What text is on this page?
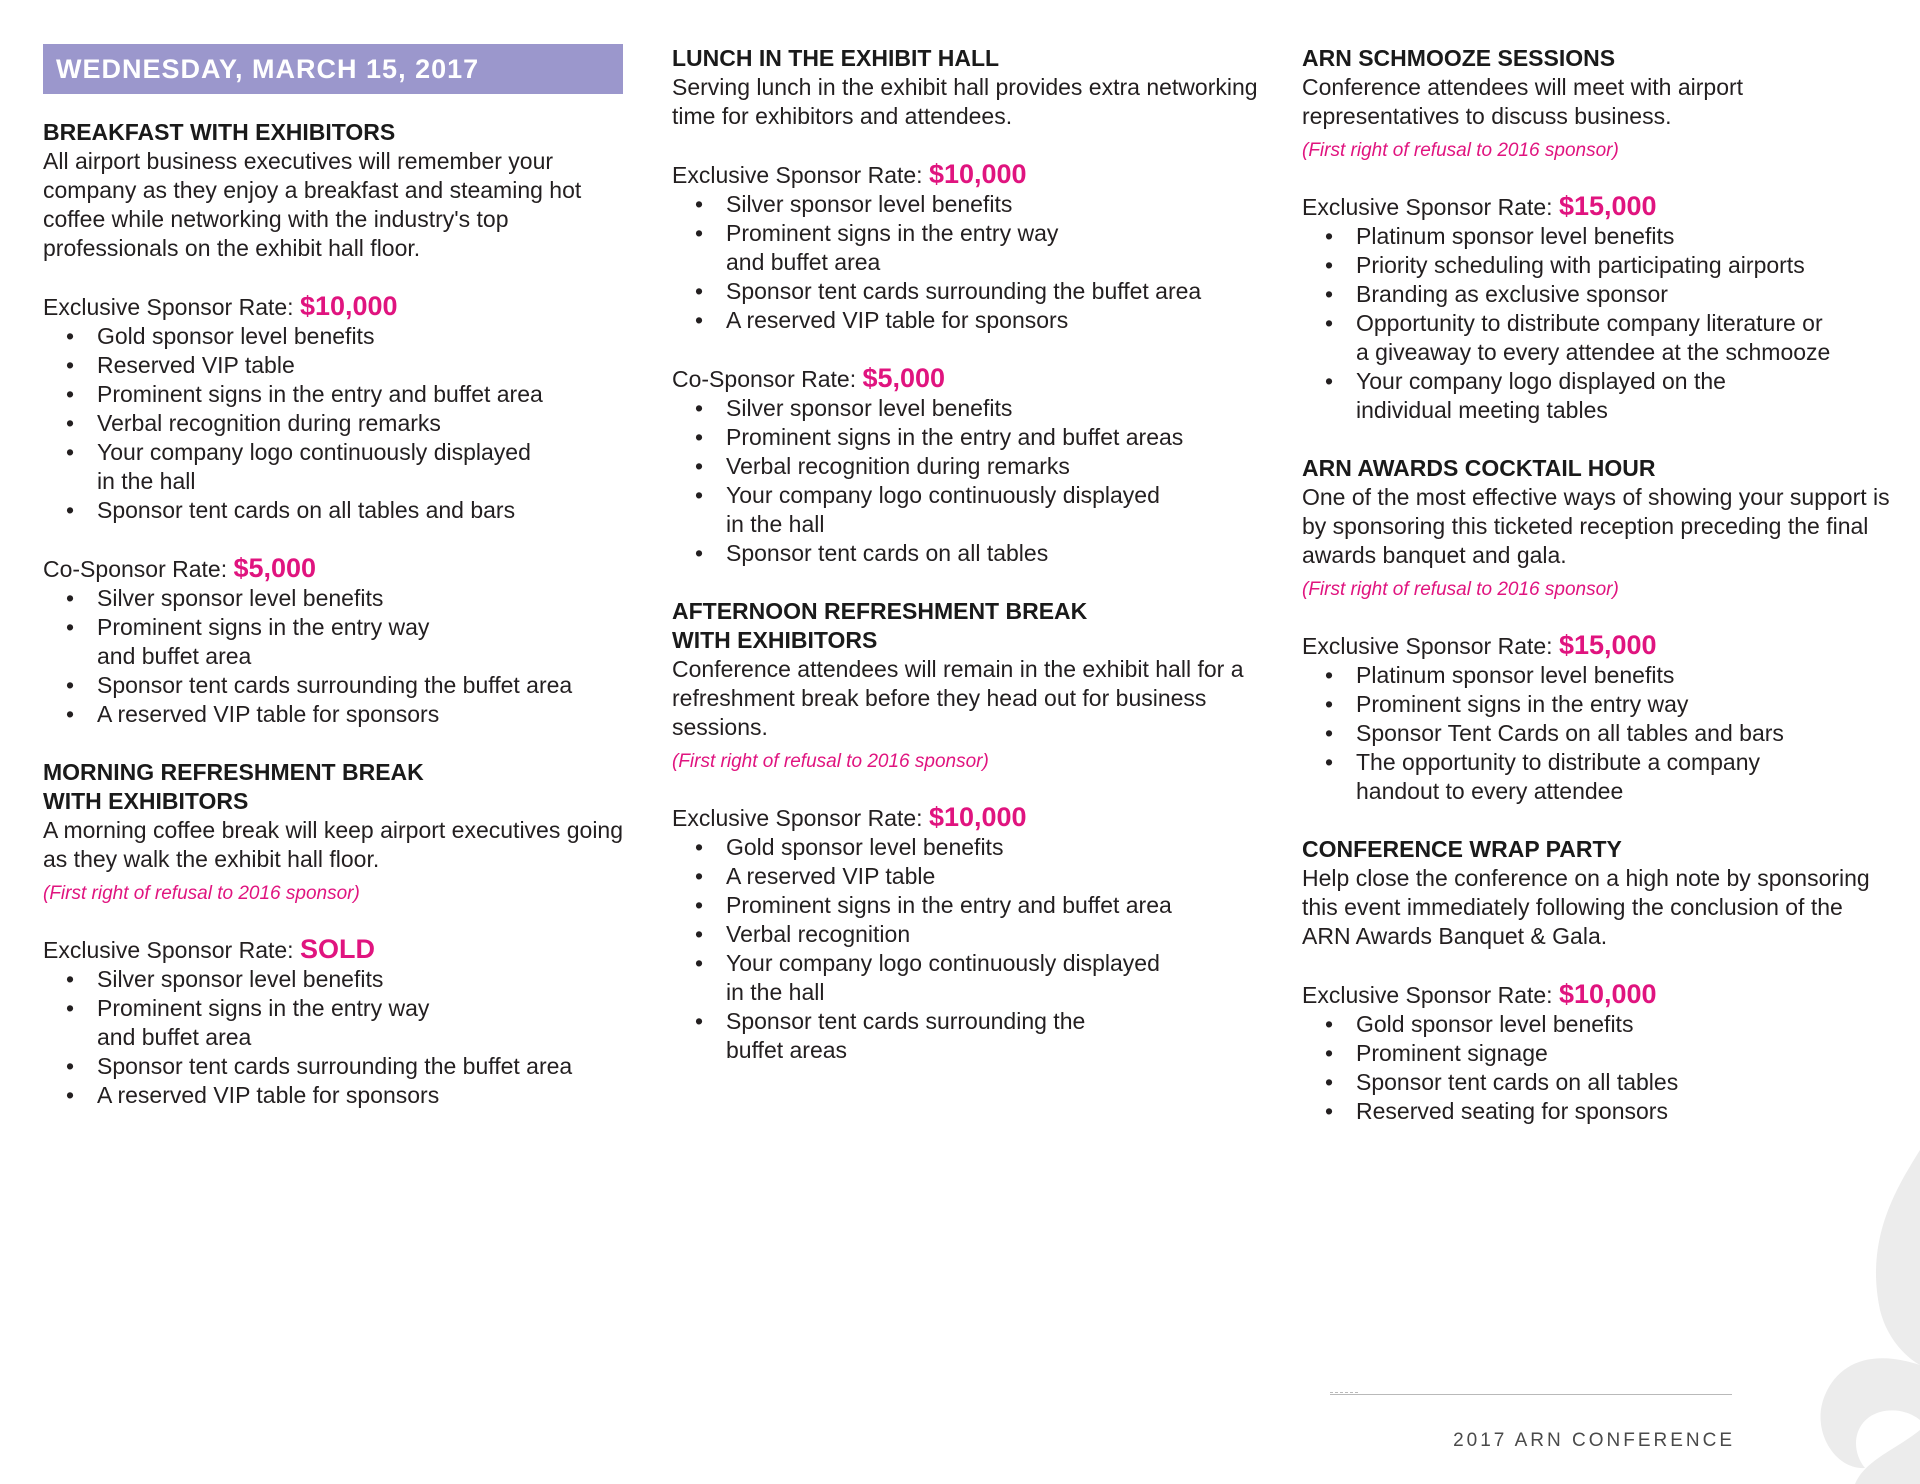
WEDNESDAY, MARCH 15, 2017
BREAKFAST WITH EXHIBITORS
All airport business executives will remember your company as they enjoy a breakfast and steaming hot coffee while networking with the industry's top professionals on the exhibit hall floor.
Exclusive Sponsor Rate: $10,000
• Gold sponsor level benefits
• Reserved VIP table
• Prominent signs in the entry and buffet area
• Verbal recognition during remarks
• Your company logo continuously displayed
in the hall
• Sponsor tent cards on all tables and bars
Co-Sponsor Rate: $5,000
• Silver sponsor level benefits
• Prominent signs in the entry way
and buffet area
• Sponsor tent cards surrounding the buffet area
• A reserved VIP table for sponsors
MORNING REFRESHMENT BREAK
WITH EXHIBITORS
A morning coffee break will keep airport executives going as they walk the exhibit hall floor.
(First right of refusal to 2016 sponsor)
Exclusive Sponsor Rate: SOLD
• Silver sponsor level benefits
• Prominent signs in the entry way
and buffet area
• Sponsor tent cards surrounding the buffet area
• A reserved VIP table for sponsors
LUNCH IN THE EXHIBIT HALL
Serving lunch in the exhibit hall provides extra networking time for exhibitors and attendees.
Exclusive Sponsor Rate: $10,000
• Silver sponsor level benefits
• Prominent signs in the entry way
and buffet area
• Sponsor tent cards surrounding the buffet area
• A reserved VIP table for sponsors
Co-Sponsor Rate: $5,000
• Silver sponsor level benefits
• Prominent signs in the entry and buffet areas
• Verbal recognition during remarks
• Your company logo continuously displayed
in the hall
• Sponsor tent cards on all tables
AFTERNOON REFRESHMENT BREAK
WITH EXHIBITORS
Conference attendees will remain in the exhibit hall for a refreshment break before they head out for business sessions.
(First right of refusal to 2016 sponsor)
Exclusive Sponsor Rate: $10,000
• Gold sponsor level benefits
• A reserved VIP table
• Prominent signs in the entry and buffet area
• Verbal recognition
• Your company logo continuously displayed
in the hall
• Sponsor tent cards surrounding the
buffet areas
ARN SCHMOOZE SESSIONS
Conference attendees will meet with airport representatives to discuss business.
(First right of refusal to 2016 sponsor)
Exclusive Sponsor Rate: $15,000
• Platinum sponsor level benefits
• Priority scheduling with participating airports
• Branding as exclusive sponsor
• Opportunity to distribute company literature or
a giveaway to every attendee at the schmooze
• Your company logo displayed on the
individual meeting tables
ARN AWARDS COCKTAIL HOUR
One of the most effective ways of showing your support is by sponsoring this ticketed reception preceding the final awards banquet and gala.
(First right of refusal to 2016 sponsor)
Exclusive Sponsor Rate: $15,000
• Platinum sponsor level benefits
• Prominent signs in the entry way
• Sponsor Tent Cards on all tables and bars
• The opportunity to distribute a company
handout to every attendee
CONFERENCE WRAP PARTY
Help close the conference on a high note by sponsoring this event immediately following the conclusion of the ARN Awards Banquet & Gala.
Exclusive Sponsor Rate: $10,000
• Gold sponsor level benefits
• Prominent signage
• Sponsor tent cards on all tables
• Reserved seating for sponsors
2017 ARN CONFERENCE
